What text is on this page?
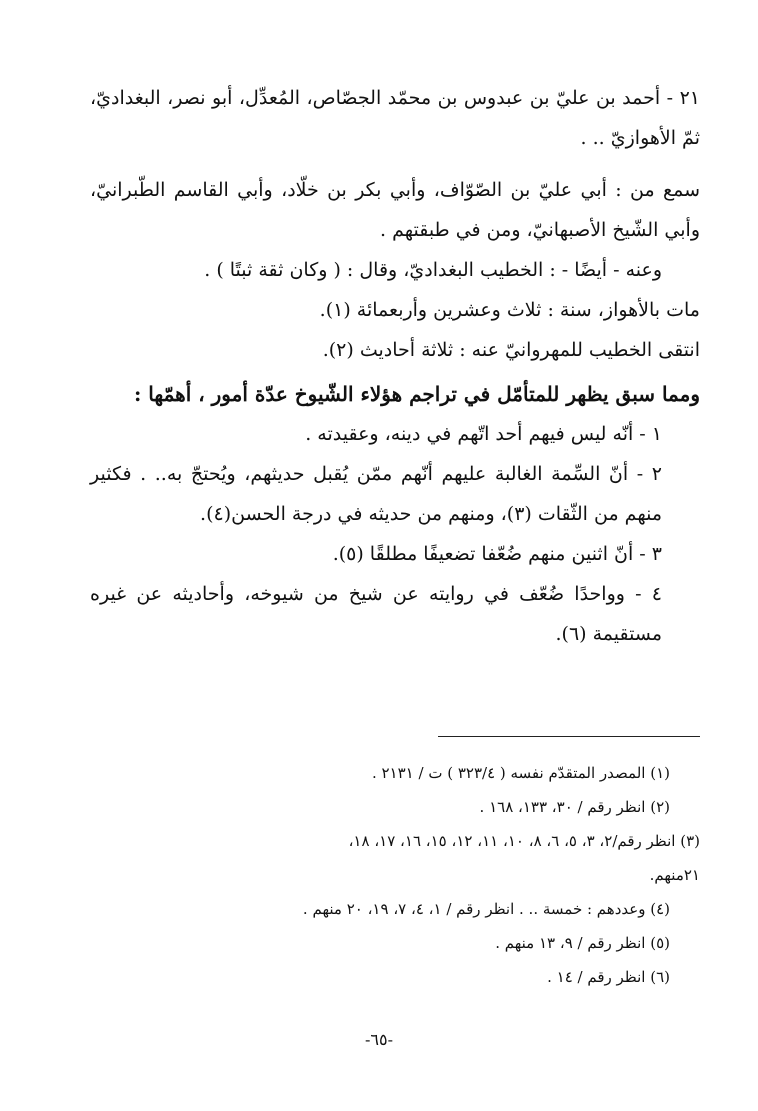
٢١ - أحمد بن عليّ بن عبدوس بن محمّد الجصّاص، المُعدِّل، أبو نصر، البغداديّ، ثمّ الأهوازيّ .. .

سمع من : أبي عليّ بن الصّوّاف، وأبي بكر بن خلّاد، وأبي القاسم الطّبرانيّ، وأبي الشّيخ الأصبهانيّ، ومن في طبقتهم .

وعنه - أيضًا - : الخطيب البغداديّ، وقال : ( وكان ثقة ثبتًا ) .

مات بالأهواز، سنة : ثلاث وعشرين وأربعمائة (١).

انتقى الخطيب للمهروانيّ عنه : ثلاثة أحاديث (٢).

ومما سبق يظهر للمتأمّل في تراجم هؤلاء الشّيوخ عدّة أمور ، أهمّها :

١ - أنّه ليس فيهم أحد اتّهم في دينه، وعقيدته .

٢ - أنّ السِّمة الغالبة عليهم أنّهم ممّن يُقبل حديثهم، ويُحتجّ به.. . فكثير منهم من الثّقات (٣)، ومنهم من حديثه في درجة الحسن(٤).

٣ - أنّ اثنين منهم ضُعّفا تضعيفًا مطلقًا (٥).

٤ - وواحدًا ضُعّف في روايته عن شيخ من شيوخه، وأحاديثه عن غيره مستقيمة (٦).

(١) المصدر المتقدّم نفسه ( ٣٢٣/٤ ) ت / ٢١٣١ .

(٢) انظر رقم / ٣٠، ١٣٣، ١٦٨ .

(٣) انظر رقم/٢، ٣، ٥، ٦، ٨، ١٠، ١١، ١٢، ١٥، ١٦، ١٧، ١٨،

٢١منهم.

(٤) وعددهم : خمسة .. . انظر رقم / ١، ٤، ٧، ١٩، ٢٠ منهم .

(٥) انظر رقم / ٩، ١٣ منهم .

(٦) انظر رقم / ١٤ .

-٦٥-
